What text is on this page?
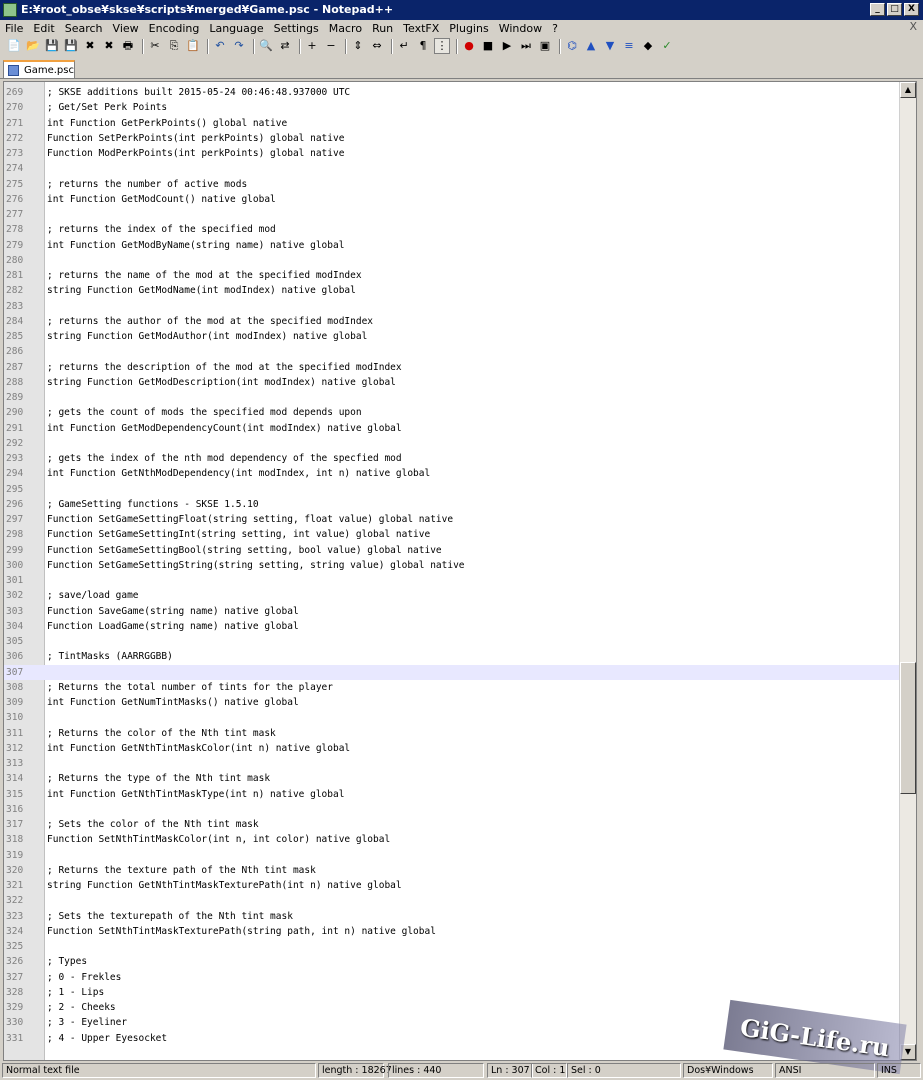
E:¥root_obse¥skse¥scripts¥merged¥Game.psc - Notepad++	_	□	X
File Edit Search View Encoding Language Settings Macro Run TextFX Plugins Window ?	X
📄 📂 💾 💾 ✖ ✖ 🖶	✂ ⎘ 📋	↶ ↷	🔍 ⇄	+ −	⇕ ⇔	↵ ¶ ⋮ ● ■ ▶ ⏭ ▣ ⌬ ▲ ▼ ≡ ◆ ✓
Game.psc
269	; SKSE additions built 2015-05-24 00:46:48.937000 UTC
270	; Get/Set Perk Points
271	int Function GetPerkPoints() global native
272	Function SetPerkPoints(int perkPoints) global native
273	Function ModPerkPoints(int perkPoints) global native
274
275	; returns the number of active mods
276	int Function GetModCount() native global
277
278	; returns the index of the specified mod
279	int Function GetModByName(string name) native global
280
281	; returns the name of the mod at the specified modIndex
282	string Function GetModName(int modIndex) native global
283
284	; returns the author of the mod at the specified modIndex
285	string Function GetModAuthor(int modIndex) native global
286
287	; returns the description of the mod at the specified modIndex
288	string Function GetModDescription(int modIndex) native global
289
290	; gets the count of mods the specified mod depends upon
291	int Function GetModDependencyCount(int modIndex) native global
292
293	; gets the index of the nth mod dependency of the specfied mod
294	int Function GetNthModDependency(int modIndex, int n) native global
295
296	; GameSetting functions - SKSE 1.5.10
297	Function SetGameSettingFloat(string setting, float value) global native
298	Function SetGameSettingInt(string setting, int value) global native
299	Function SetGameSettingBool(string setting, bool value) global native
300	Function SetGameSettingString(string setting, string value) global native
301
302	; save/load game
303	Function SaveGame(string name) native global
304	Function LoadGame(string name) native global
305
306	; TintMasks (AARRGGBB)
307
308	; Returns the total number of tints for the player
309	int Function GetNumTintMasks() native global
310
311	; Returns the color of the Nth tint mask
312	int Function GetNthTintMaskColor(int n) native global
313
314	; Returns the type of the Nth tint mask
315	int Function GetNthTintMaskType(int n) native global
316
317	; Sets the color of the Nth tint mask
318	Function SetNthTintMaskColor(int n, int color) native global
319
320	; Returns the texture path of the Nth tint mask
321	string Function GetNthTintMaskTexturePath(int n) native global
322
323	; Sets the texturepath of the Nth tint mask
324	Function SetNthTintMaskTexturePath(string path, int n) native global
325
326	; Types
327	; 0 - Frekles
328	; 1 - Lips
329	; 2 - Cheeks
330	; 3 - Eyeliner
331	; 4 - Upper Eyesocket
▲
▼
GiG-Life.ru
Normal text file	length : 18267 lines : 440	Ln : 307 Col : 1 Sel : 0	Dos¥Windows	ANSI	INS
